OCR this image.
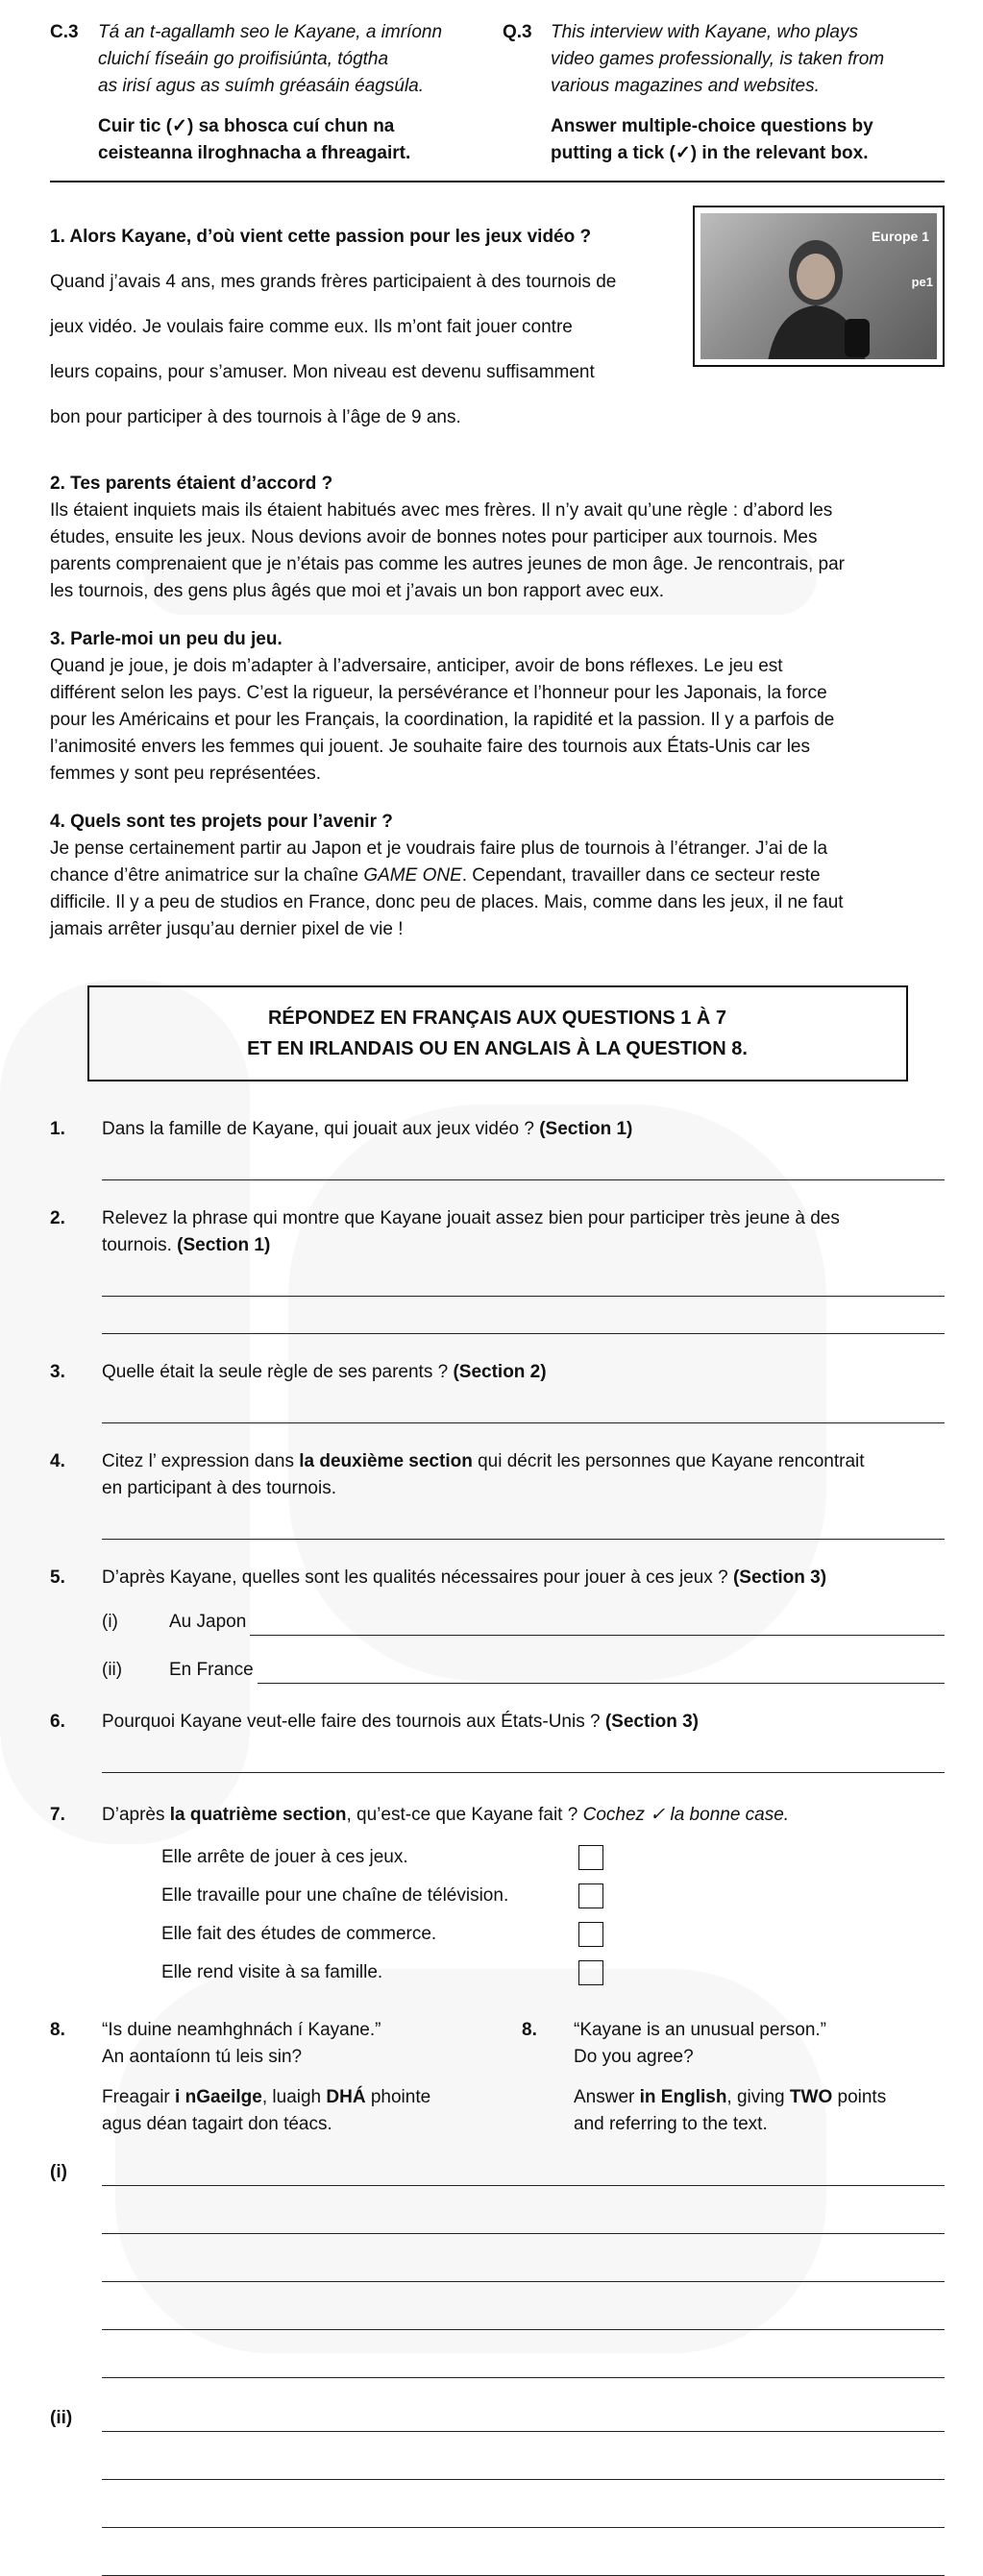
C.3	Tá an t-agallamh seo le Kayane, a imríonn

cluichí físeáin go proifisiúnta, tógtha

as irisí agus as suímh gréasáin éagsúla.

Cuir tic (✓) sa bhosca cuí chun na

ceisteanna ilroghnacha a fhreagairt.

Q.3	This interview with Kayane, who plays

video games professionally, is taken from

various magazines and websites.

Answer multiple-choice questions by

putting a tick (✓) in the relevant box.

1. Alors Kayane, d’où vient cette passion pour les jeux vidéo ?

Quand j’avais 4 ans, mes grands frères participaient à des tournois de

jeux vidéo. Je voulais faire comme eux. Ils m’ont fait jouer contre

leurs copains, pour s’amuser. Mon niveau est devenu suffisamment

bon pour participer à des tournois à l’âge de 9 ans.

Europe 1
pe1

2. Tes parents étaient d’accord ?

Ils étaient inquiets mais ils étaient habitués avec mes frères. Il n’y avait qu’une règle : d’abord les

études, ensuite les jeux. Nous devions avoir de bonnes notes pour participer aux tournois. Mes

parents comprenaient que je n’étais pas comme les autres jeunes de mon âge. Je rencontrais, par

les tournois, des gens plus âgés que moi et j’avais un bon rapport avec eux.

3. Parle-moi un peu du jeu.

Quand je joue, je dois m’adapter à l’adversaire, anticiper, avoir de bons réflexes. Le jeu est

différent selon les pays. C’est la rigueur, la persévérance et l’honneur pour les Japonais, la force

pour les Américains et pour les Français, la coordination, la rapidité et la passion. Il y a parfois de

l’animosité envers les femmes qui jouent. Je souhaite faire des tournois aux États-Unis car les

femmes y sont peu représentées.

4. Quels sont tes projets pour l’avenir ?

Je pense certainement partir au Japon et je voudrais faire plus de tournois à l’étranger. J’ai de la

chance d’être animatrice sur la chaîne GAME ONE. Cependant, travailler dans ce secteur reste

difficile. Il y a peu de studios en France, donc peu de places. Mais, comme dans les jeux, il ne faut

jamais arrêter jusqu’au dernier pixel de vie !

RÉPONDEZ EN FRANÇAIS AUX QUESTIONS 1 À 7
ET EN IRLANDAIS OU EN ANGLAIS À LA QUESTION 8.
1.	Dans la famille de Kayane, qui jouait aux jeux vidéo ? (Section 1)
2.	Relevez la phrase qui montre que Kayane jouait assez bien pour participer très jeune à des
tournois. (Section 1)
3.	Quelle était la seule règle de ses parents ? (Section 2)
4.	Citez l’ expression dans la deuxième section qui décrit les personnes que Kayane rencontrait
en participant à des tournois.
5.	D’après Kayane, quelles sont les qualités nécessaires pour jouer à ces jeux ? (Section 3)
(i)	Au Japon
(ii)	En France
6.	Pourquoi Kayane veut-elle faire des tournois aux États-Unis ? (Section 3)
7.	D’après la quatrième section, qu’est-ce que Kayane fait ? Cochez ✓ la bonne case.
Elle arrête de jouer à ces jeux.
Elle travaille pour une chaîne de télévision.
Elle fait des études de commerce.
Elle rend visite à sa famille.
8.	“Is duine neamhghnách í Kayane.”

An aontaíonn tú leis sin?

Freagair i nGaeilge, luaigh DHÁ phointe

agus déan tagairt don téacs.

8.	“Kayane is an unusual person.”

Do you agree?

Answer in English, giving TWO points

and referring to the text.

(i)
(ii)
